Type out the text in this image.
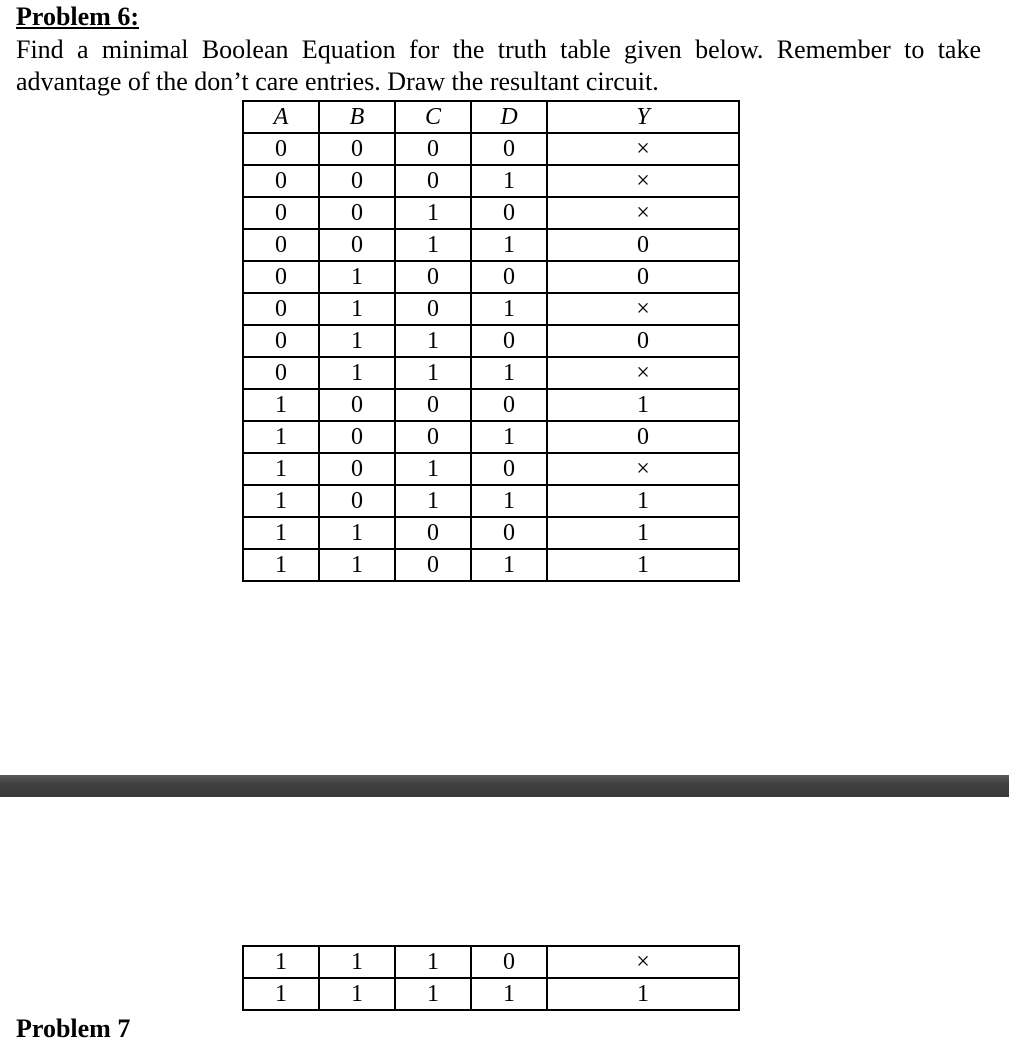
Problem 6:

Find a minimal Boolean Equation for the truth table given below. Remember to take advantage of the don’t care entries. Draw the resultant circuit.

A	B	C	D	Y
0	0	0	0	×
0	0	0	1	×
0	0	1	0	×
0	0	1	1	0
0	1	0	0	0
0	1	0	1	×
0	1	1	0	0
0	1	1	1	×
1	0	0	0	1
1	0	0	1	0
1	0	1	0	×
1	0	1	1	1
1	1	0	0	1
1	1	0	1	1
1	1	1	0	×
1	1	1	1	1
Problem 7
